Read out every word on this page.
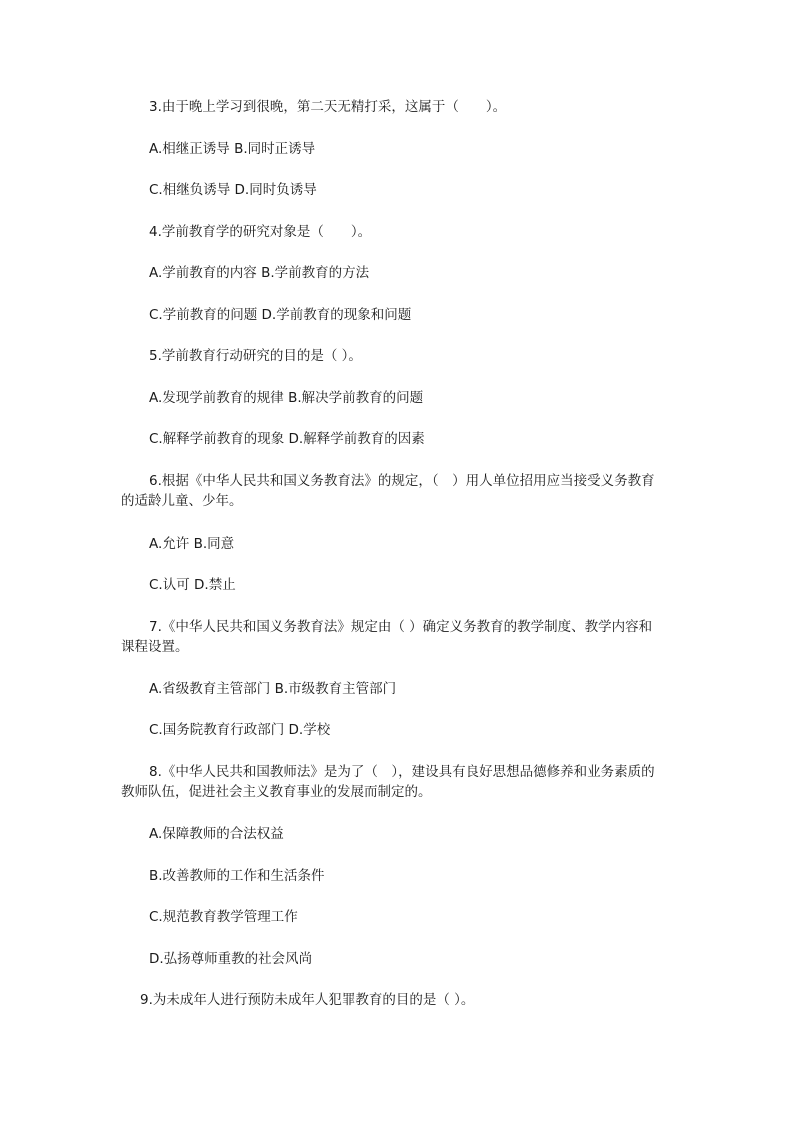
3.由于晚上学习到很晚，第二天无精打采，这属于（　　）。
A.相继正诱导 B.同时正诱导
C.相继负诱导 D.同时负诱导
4.学前教育学的研究对象是（　　）。
A.学前教育的内容 B.学前教育的方法
C.学前教育的问题 D.学前教育的现象和问题
5.学前教育行动研究的目的是（ ）。
A.发现学前教育的规律 B.解决学前教育的问题
C.解释学前教育的现象 D.解释学前教育的因素
6.根据《中华人民共和国义务教育法》的规定，（　）用人单位招用应当接受义务教育
的适龄儿童、少年。
A.允许 B.同意
C.认可 D.禁止
7.《中华人民共和国义务教育法》规定由（ ）确定义务教育的教学制度、教学内容和
课程设置。
A.省级教育主管部门 B.市级教育主管部门
C.国务院教育行政部门 D.学校
8.《中华人民共和国教师法》是为了（　），建设具有良好思想品德修养和业务素质的
教师队伍，促进社会主义教育事业的发展而制定的。
A.保障教师的合法权益
B.改善教师的工作和生活条件
C.规范教育教学管理工作
D.弘扬尊师重教的社会风尚
9.为未成年人进行预防未成年人犯罪教育的目的是（ ）。
